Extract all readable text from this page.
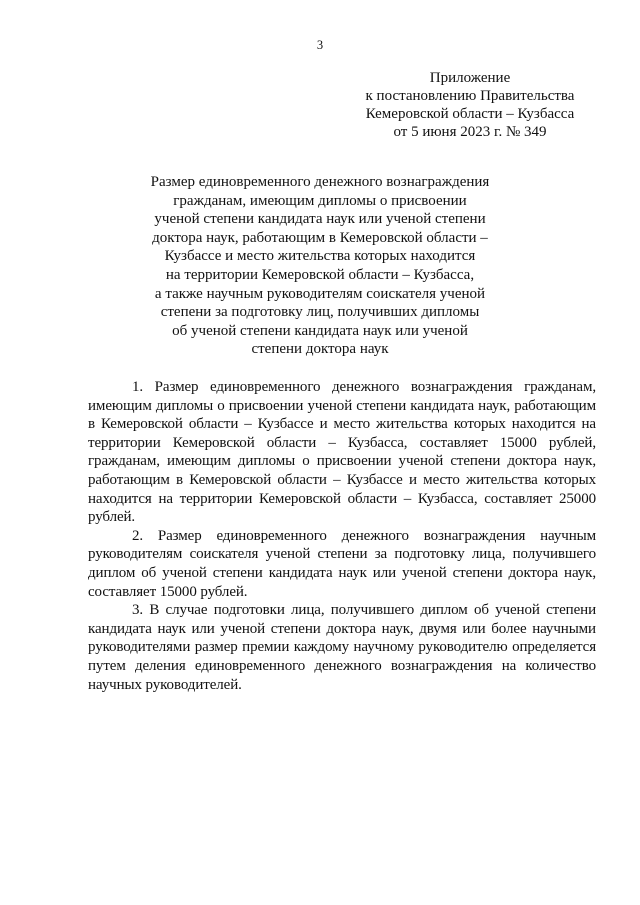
3
Приложение
к постановлению Правительства
Кемеровской области – Кузбасса
от 5 июня 2023 г. № 349
Размер единовременного денежного вознаграждения
гражданам, имеющим дипломы о присвоении
ученой степени кандидата наук или ученой степени
доктора наук, работающим в Кемеровской области –
Кузбассе и место жительства которых находится
на территории Кемеровской области – Кузбасса,
а также научным руководителям соискателя ученой
степени за подготовку лиц, получивших дипломы
об ученой степени кандидата наук или ученой
степени доктора наук

1. Размер единовременного денежного вознаграждения гражданам, имеющим дипломы о присвоении ученой степени кандидата наук, работающим в Кемеровской области – Кузбассе и место жительства которых находится на территории Кемеровской области – Кузбасса, составляет 15000 рублей, гражданам, имеющим дипломы о присвоении ученой степени доктора наук, работающим в Кемеровской области – Кузбассе и место жительства которых находится на территории Кемеровской области – Кузбасса, составляет 25000 рублей.

2. Размер единовременного денежного вознаграждения научным руководителям соискателя ученой степени за подготовку лица, получившего диплом об ученой степени кандидата наук или ученой степени доктора наук, составляет 15000 рублей.

3. В случае подготовки лица, получившего диплом об ученой степени кандидата наук или ученой степени доктора наук, двумя или более научными руководителями размер премии каждому научному руководителю определяется путем деления единовременного денежного вознаграждения на количество научных руководителей.
